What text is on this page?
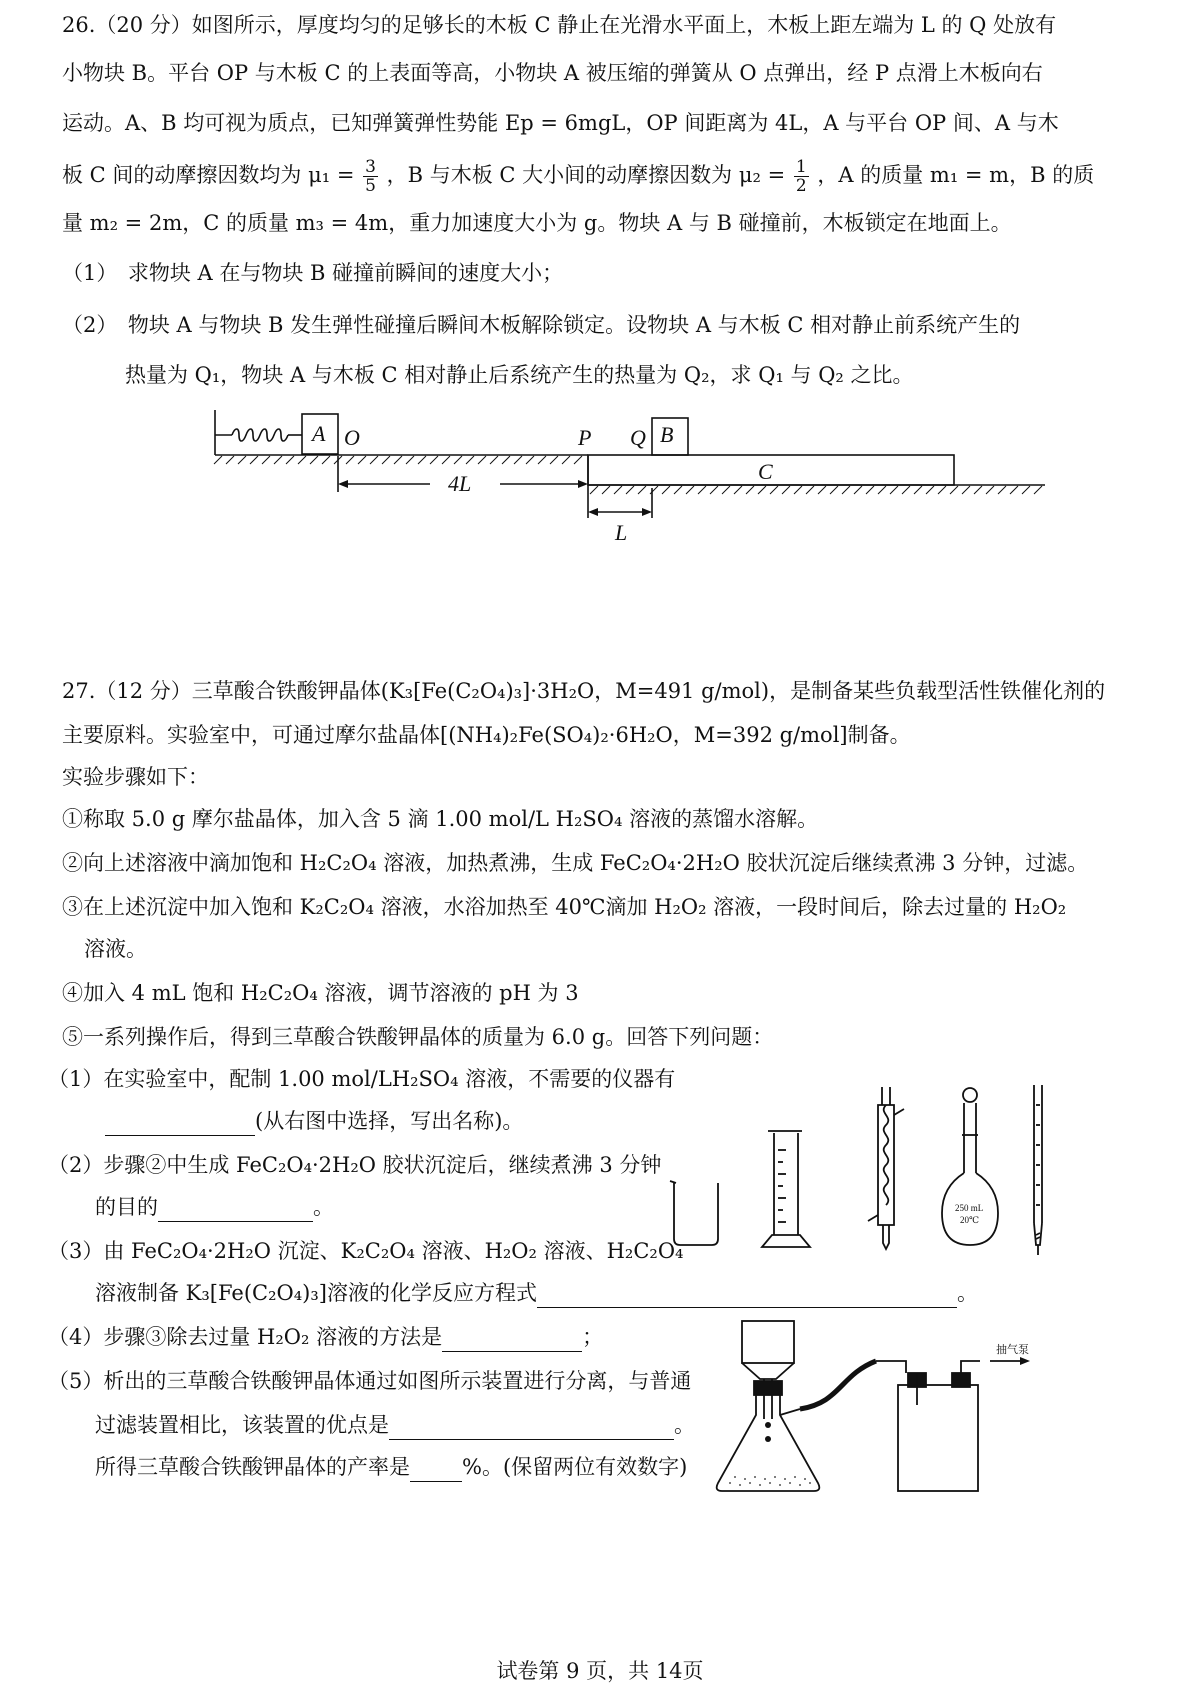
26.（20 分）如图所示，厚度均匀的足够长的木板 C 静止在光滑水平面上，木板上距左端为 L 的 Q 处放有
小物块 B。平台 OP 与木板 C 的上表面等高，小物块 A 被压缩的弹簧从 O 点弹出，经 P 点滑上木板向右
运动。A、B 均可视为质点，已知弹簧弹性势能 Ep = 6mgL，OP 间距离为 4L，A 与平台 OP 间、A 与木
板 C 间的动摩擦因数均为 $\mu_1 = \frac{3}{5}$ ，B 与木板 C 大小间的动摩擦因数为 $\mu_2 = \frac{1}{2}$ ，A 的质量 m₁ = m，B 的质
量 m₂ = 2m，C 的质量 m₃ = 4m，重力加速度大小为 g。物块 A 与 B 碰撞前，木板锁定在地面上。
（1）　求物块 A 在与物块 B 碰撞前瞬间的速度大小；
（2）　物块 A 与物块 B 发生弹性碰撞后瞬间木板解除锁定。设物块 A 与木板 C 相对静止前系统产生的
热量为 Q₁，物块 A 与木板 C 相对静止后系统产生的热量为 Q₂，求 Q₁ 与 Q₂ 之比。
A O	P Q B
C
4L
L
27.（12 分）三草酸合铁酸钾晶体(K₃[Fe(C₂O₄)₃]·3H₂O，M=491 g/mol)，是制备某些负载型活性铁催化剂的
主要原料。实验室中，可通过摩尔盐晶体[(NH₄)₂Fe(SO₄)₂·6H₂O，M=392 g/mol]制备。
实验步骤如下：
①称取 5.0 g 摩尔盐晶体，加入含 5 滴 1.00 mol/L H₂SO₄ 溶液的蒸馏水溶解。
②向上述溶液中滴加饱和 H₂C₂O₄ 溶液，加热煮沸，生成 FeC₂O₄·2H₂O 胶状沉淀后继续煮沸 3 分钟，过滤。
③在上述沉淀中加入饱和 K₂C₂O₄ 溶液，水浴加热至 40℃滴加 H₂O₂ 溶液，一段时间后，除去过量的 H₂O₂
溶液。
④加入 4 mL 饱和 H₂C₂O₄ 溶液，调节溶液的 pH 为 3
⑤一系列操作后，得到三草酸合铁酸钾晶体的质量为 6.0 g。回答下列问题：
（1）在实验室中，配制 1.00 mol/LH₂SO₄ 溶液，不需要的仪器有
(从右图中选择，写出名称)。
（2）步骤②中生成 FeC₂O₄·2H₂O 胶状沉淀后，继续煮沸 3 分钟
的目的	。
（3）由 FeC₂O₄·2H₂O 沉淀、K₂C₂O₄ 溶液、H₂O₂ 溶液、H₂C₂O₄
溶液制备 K₃[Fe(C₂O₄)₃]溶液的化学反应方程式	。
（4）步骤③除去过量 H₂O₂ 溶液的方法是	；
（5）析出的三草酸合铁酸钾晶体通过如图所示装置进行分离，与普通
过滤装置相比，该装置的优点是	。
所得三草酸合铁酸钾晶体的产率是 %。(保留两位有效数字)
250 mL
20℃
抽气泵
试卷第 9 页，共 14页
